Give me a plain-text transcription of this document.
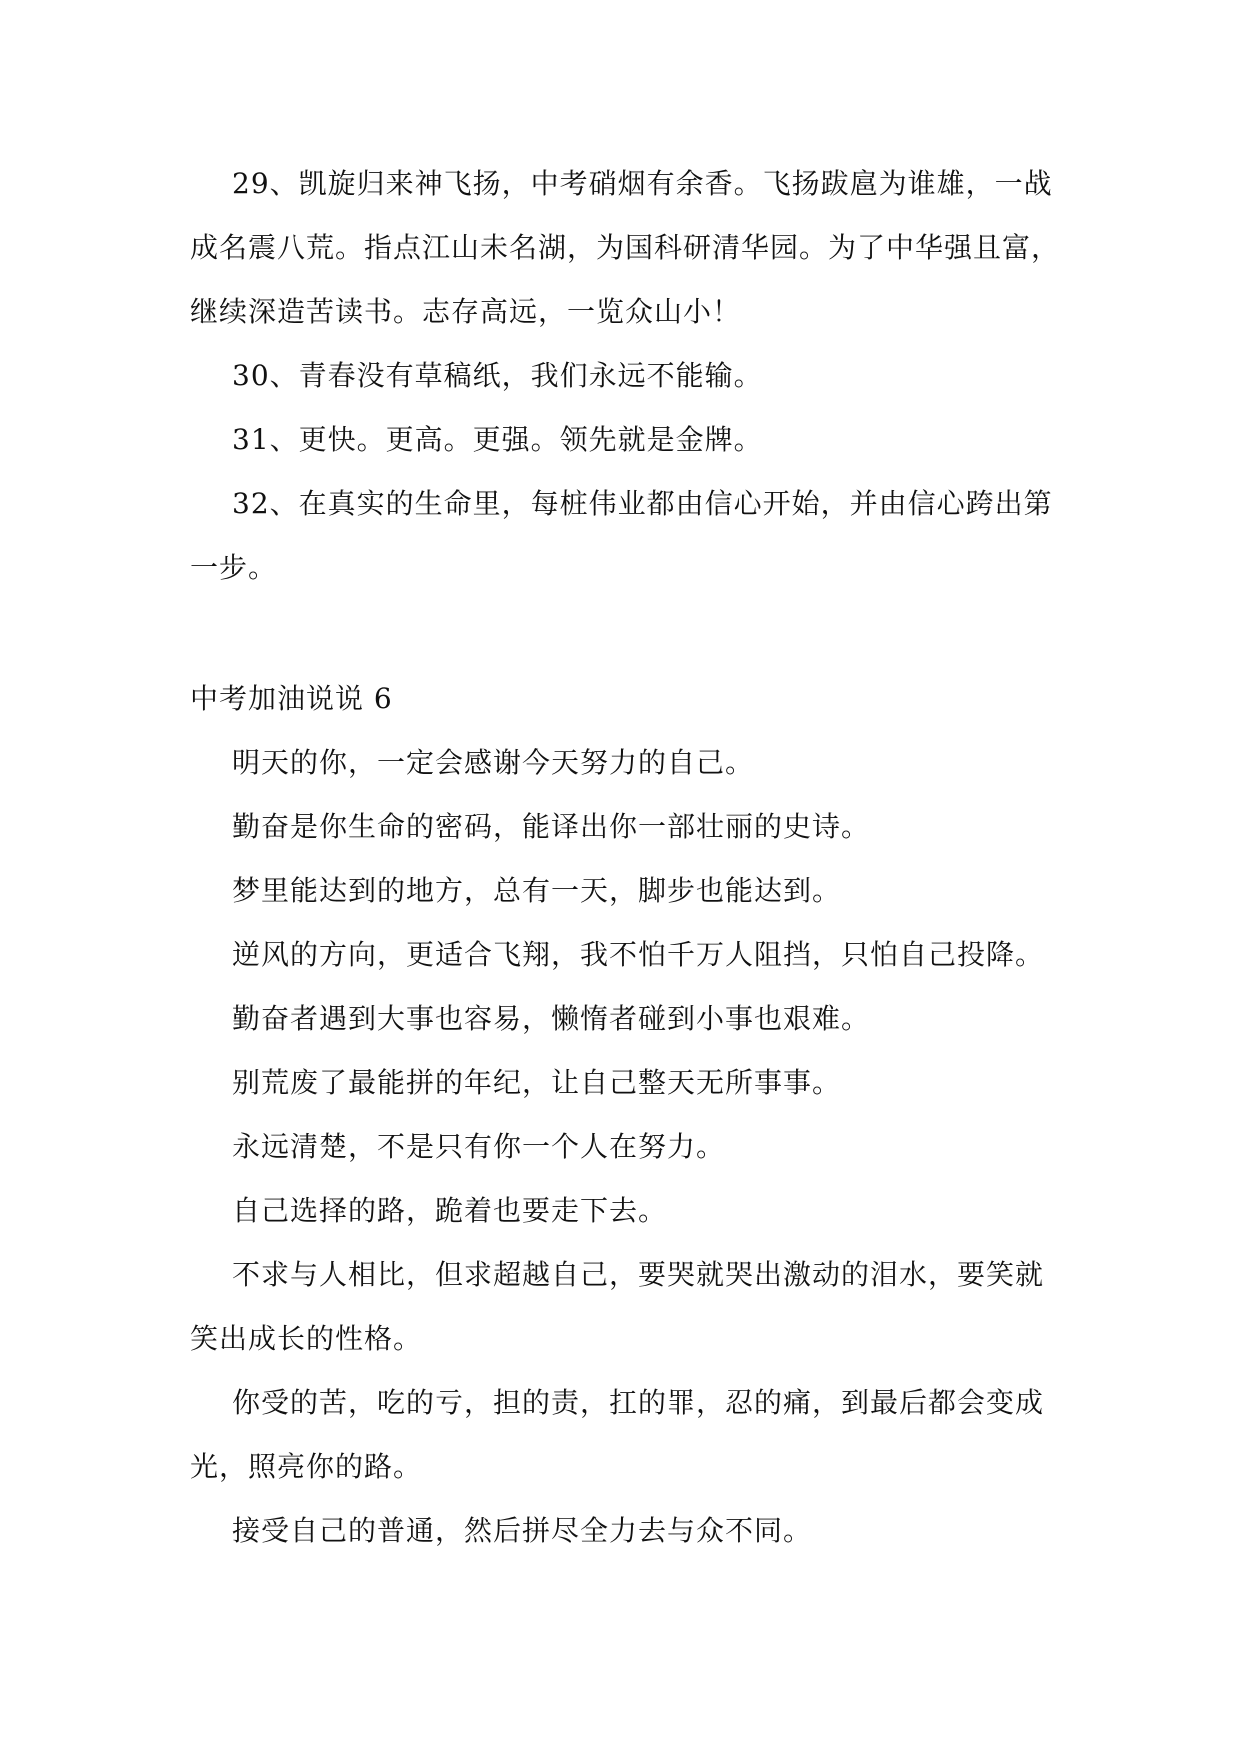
29、凯旋归来神飞扬，中考硝烟有余香。飞扬跋扈为谁雄，一战
成名震八荒。指点江山未名湖，为国科研清华园。为了中华强且富，
继续深造苦读书。志存高远，一览众山小！
30、青春没有草稿纸，我们永远不能输。
31、更快。更高。更强。领先就是金牌。
32、在真实的生命里，每桩伟业都由信心开始，并由信心跨出第
一步。
中考加油说说 6
明天的你，一定会感谢今天努力的自己。
勤奋是你生命的密码，能译出你一部壮丽的史诗。
梦里能达到的地方，总有一天，脚步也能达到。
逆风的方向，更适合飞翔，我不怕千万人阻挡，只怕自己投降。
勤奋者遇到大事也容易，懒惰者碰到小事也艰难。
别荒废了最能拼的年纪，让自己整天无所事事。
永远清楚，不是只有你一个人在努力。
自己选择的路，跪着也要走下去。
不求与人相比，但求超越自己，要哭就哭出激动的泪水，要笑就
笑出成长的性格。
你受的苦，吃的亏，担的责，扛的罪，忍的痛，到最后都会变成
光，照亮你的路。
接受自己的普通，然后拼尽全力去与众不同。
